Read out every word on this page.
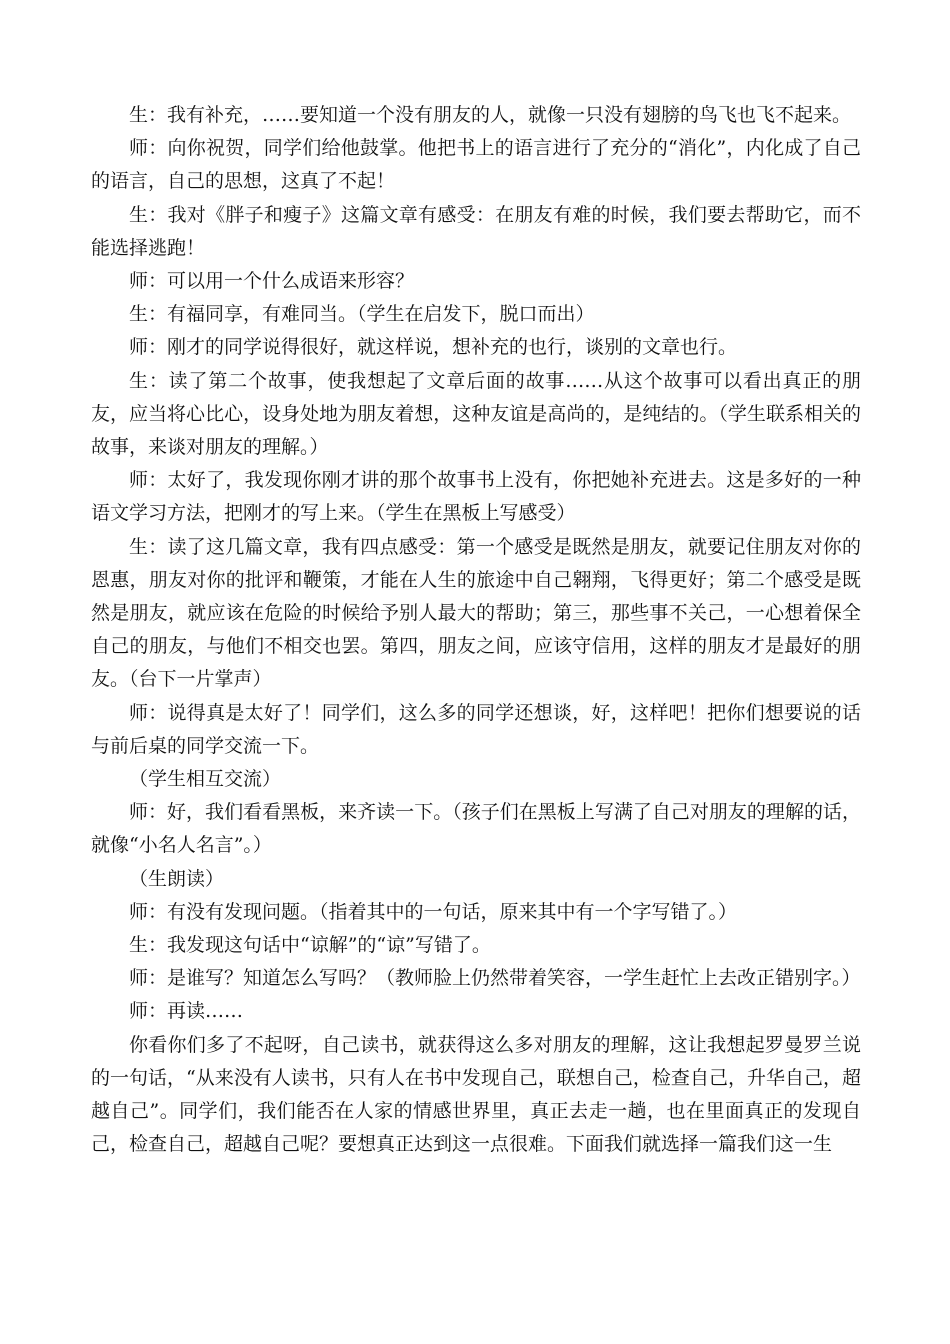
生：我有补充，……要知道一个没有朋友的人，就像一只没有翅膀的鸟飞也飞不起来。

师：向你祝贺，同学们给他鼓掌。他把书上的语言进行了充分的“消化”，内化成了自己的语言，自己的思想，这真了不起！

生：我对《胖子和瘦子》这篇文章有感受：在朋友有难的时候，我们要去帮助它，而不能选择逃跑！

师：可以用一个什么成语来形容？

生：有福同享，有难同当。（学生在启发下，脱口而出）

师：刚才的同学说得很好，就这样说，想补充的也行，谈别的文章也行。

生：读了第二个故事，使我想起了文章后面的故事……从这个故事可以看出真正的朋友，应当将心比心，设身处地为朋友着想，这种友谊是高尚的，是纯结的。（学生联系相关的故事，来谈对朋友的理解。）

师：太好了，我发现你刚才讲的那个故事书上没有，你把她补充进去。这是多好的一种语文学习方法，把刚才的写上来。（学生在黑板上写感受）

生：读了这几篇文章，我有四点感受：第一个感受是既然是朋友，就要记住朋友对你的恩惠，朋友对你的批评和鞭策，才能在人生的旅途中自己翱翔，飞得更好；第二个感受是既然是朋友，就应该在危险的时候给予别人最大的帮助；第三，那些事不关己，一心想着保全自己的朋友，与他们不相交也罢。第四，朋友之间，应该守信用，这样的朋友才是最好的朋友。（台下一片掌声）

师：说得真是太好了！同学们，这么多的同学还想谈，好，这样吧！把你们想要说的话与前后桌的同学交流一下。

（学生相互交流）

师：好，我们看看黑板，来齐读一下。（孩子们在黑板上写满了自己对朋友的理解的话，就像“小名人名言”。）

（生朗读）

师：有没有发现问题。（指着其中的一句话，原来其中有一个字写错了。）

生：我发现这句话中“谅解”的“谅”写错了。

师：是谁写？知道怎么写吗？（教师脸上仍然带着笑容，一学生赶忙上去改正错别字。）

师：再读……

你看你们多了不起呀，自己读书，就获得这么多对朋友的理解，这让我想起罗曼罗兰说的一句话，“从来没有人读书，只有人在书中发现自己，联想自己，检查自己，升华自己，超越自己”。同学们，我们能否在人家的情感世界里，真正去走一趟，也在里面真正的发现自己，检查自己，超越自己呢？要想真正达到这一点很难。下面我们就选择一篇我们这一生
